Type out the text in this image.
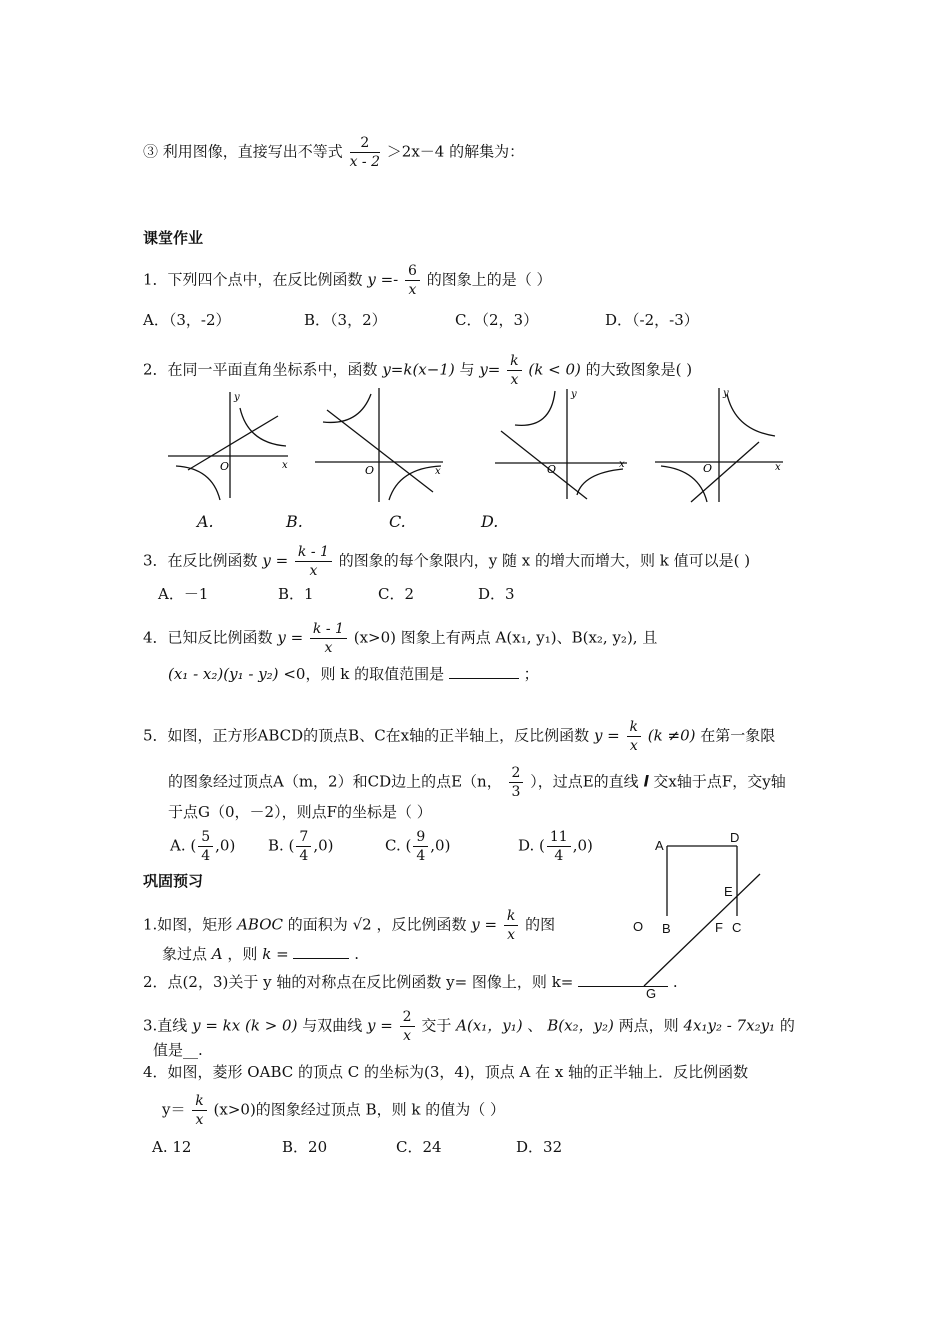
③ 利用图像，直接写出不等式 $\frac{2}{x - 2} >2x-4$ 的解集为：
课堂作业
1．下列四个点中，在反比例函数 $y =- \frac{6}{x}$ 的图象上的是（ ）
A．（3，-2）	B．（3，2）	C．（2，3）	D．（-2，-3）
2．在同一平面直角坐标系中，函数 y=k(x−1) 与 $y= \frac{k}{x} (k < 0)$ 的大致图象是( )
O	x
y
O	x	O	x
y
O	x
y
A.	B.	C.	D.
3．在反比例函数 $y = \frac{k - 1}{x}$ 的图象的每个象限内，y 随 x 的增大而增大，则 k 值可以是( )
A．－1	B．1	C．2	D．3
4．已知反比例函数 $y = \frac{k - 1}{x} (x>0)$ 图象上有两点 A(x₁, y₁)、B(x₂, y₂), 且
(x₁ - x₂)(y₁ - y₂) <0，则 k 的取值范围是	；
5．如图，正方形ABCD的顶点B、C在x轴的正半轴上，反比例函数 $y = \frac{k}{x} (k \ne 0)$ 在第一象限
的图象经过顶点A（m，2）和CD边上的点E（n， $\frac{2}{3}$ ），过点E的直线 l 交x轴于点F，交y轴
于点G（0，－2），则点F的坐标是（ ）
A. ( $\frac{5}{4} ,0$) B. ( $\frac{7}{4} ,0$)	C. ( $\frac{9}{4} ,0$)	D. ( $\frac{11}{4} ,0$)	A
D
E
B	F C
O
G
巩固预习
1.如图，矩形 ABOC 的面积为 √2 ，反比例函数 $y = \frac{k}{x}$ 的图
象过点 A ，则 k =	.
2．点(2，3)关于 y 轴的对称点在反比例函数 y= 图像上，则 k=	.
3.直线 y = kx (k > 0) 与双曲线 $y = \frac{2}{x}$ 交于 A(x₁，y₁) 、 B(x₂，y₂) 两点，则 4x₁y₂ - 7x₂y₁ 的
值是__.
4．如图，菱形 OABC 的顶点 C 的坐标为(3，4)，顶点 A 在 x 轴的正半轴上．反比例函数
$y= \frac{k}{x} (x>0)$的图象经过顶点 B，则 k 的值为（ ）
A. 12	B．20	C．24	D．32
